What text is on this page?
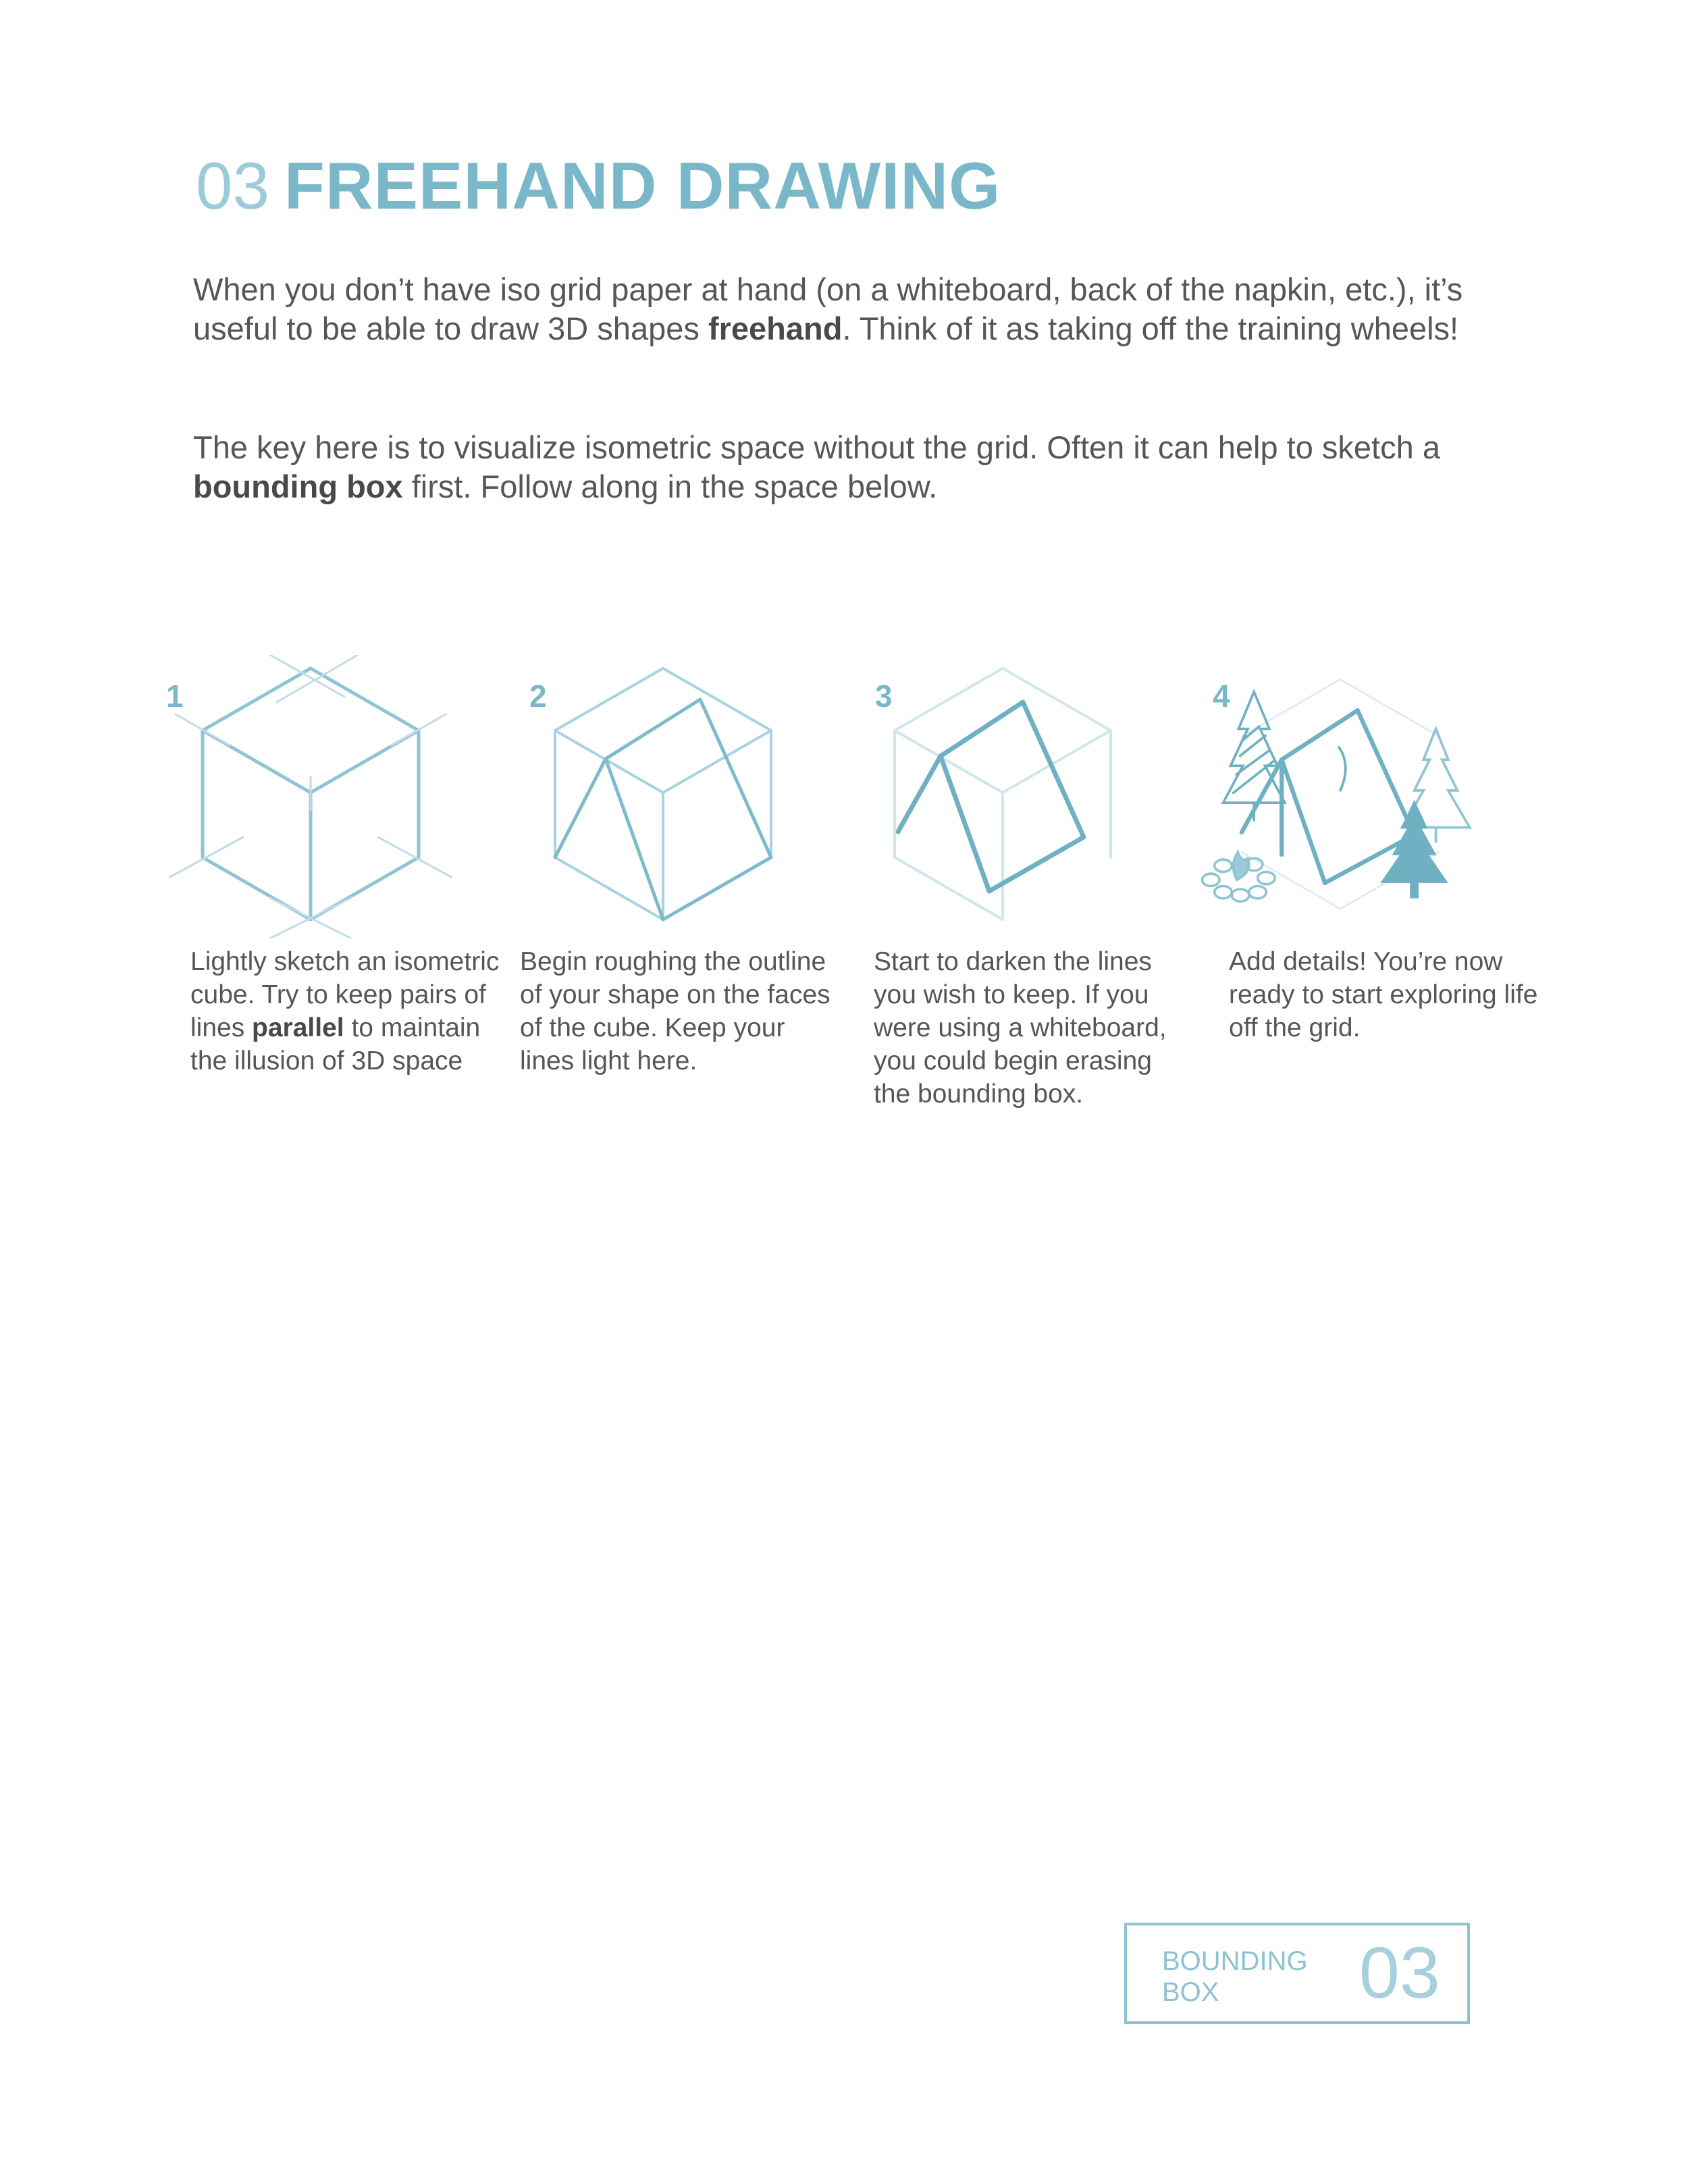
03 FREEHAND DRAWING

When you don’t have iso grid paper at hand (on a whiteboard, back of the napkin, etc.), it’s useful to be able to draw 3D shapes freehand. Think of it as taking off the training wheels!

The key here is to visualize isometric space without the grid. Often it can help to sketch a bounding box first. Follow along in the space below.

1	2	3	4

Lightly sketch an isometric cube. Try to keep pairs of lines parallel to maintain the illusion of 3D space

Begin roughing the outline of your shape on the faces of the cube. Keep your lines light here.

Start to darken the lines you wish to keep. If you were using a whiteboard, you could begin erasing the bounding box.

Add details! You’re now ready to start exploring life off the grid.

BOUNDING
BOX	03
